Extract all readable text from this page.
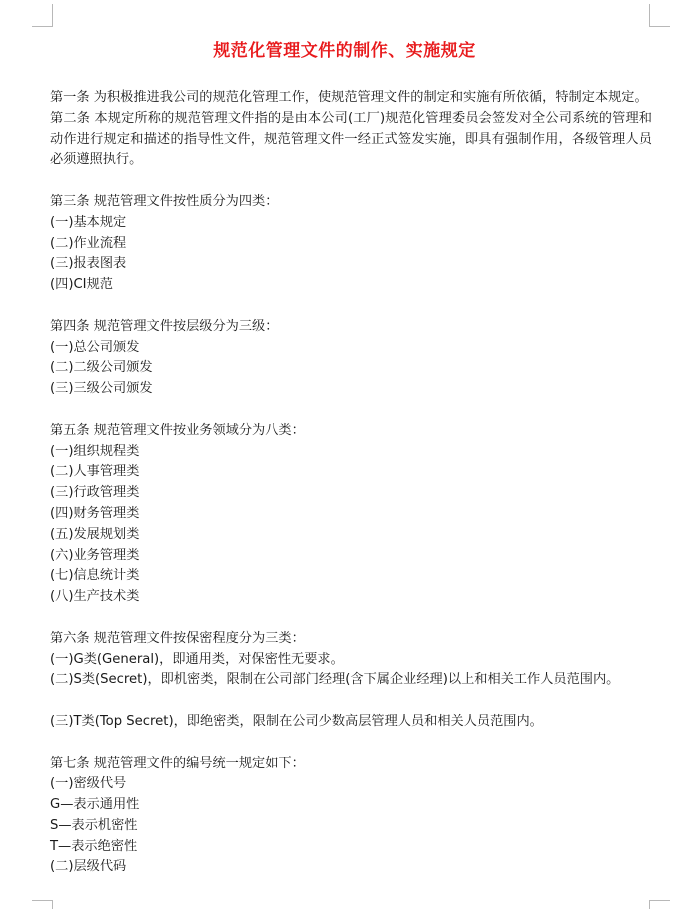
规范化管理文件的制作、实施规定

第一条 为积极推进我公司的规范化管理工作，使规范管理文件的制定和实施有所依循，特制定本规定。

第二条 本规定所称的规范管理文件指的是由本公司(工厂)规范化管理委员会签发对全公司系统的管理和动作进行规定和描述的指导性文件，规范管理文件一经正式签发实施，即具有强制作用，各级管理人员必须遵照执行。

第三条 规范管理文件按性质分为四类：

(一)基本规定

(二)作业流程

(三)报表图表

(四)CI规范

第四条 规范管理文件按层级分为三级：

(一)总公司颁发

(二)二级公司颁发

(三)三级公司颁发

第五条 规范管理文件按业务领域分为八类：

(一)组织规程类

(二)人事管理类

(三)行政管理类

(四)财务管理类

(五)发展规划类

(六)业务管理类

(七)信息统计类

(八)生产技术类

第六条 规范管理文件按保密程度分为三类：

(一)G类(General)，即通用类，对保密性无要求。

(二)S类(Secret)，即机密类，限制在公司部门经理(含下属企业经理)以上和相关工作人员范围内。

(三)T类(Top Secret)，即绝密类，限制在公司少数高层管理人员和相关人员范围内。

第七条 规范管理文件的编号统一规定如下：

(一)密级代号

G—表示通用性

S—表示机密性

T—表示绝密性

(二)层级代码
